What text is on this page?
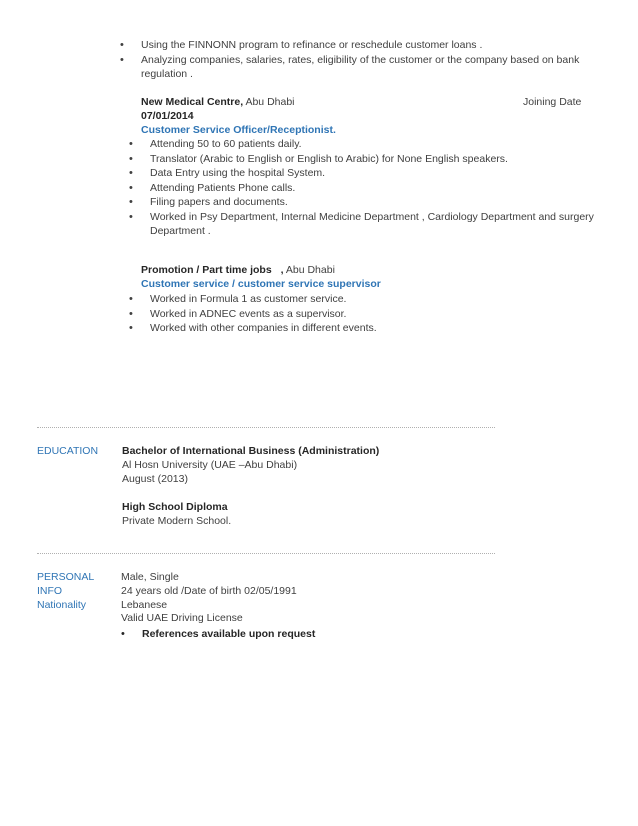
• Using the FINNONN program to refinance or reschedule customer loans .
• Analyzing companies, salaries, rates, eligibility of the customer or the company based on bank
regulation .
New Medical Centre, Abu Dhabi	Joining Date
07/01/2014
Customer Service Officer/Receptionist.
• Attending 50 to 60 patients daily.
• Translator (Arabic to English or English to Arabic) for None English speakers.
• Data Entry using the hospital System.
• Attending Patients Phone calls.
• Filing papers and documents.
• Worked in Psy Department, Internal Medicine Department , Cardiology Department and surgery
Department .
Promotion / Part time jobs , Abu Dhabi
Customer service / customer service supervisor
• Worked in Formula 1 as customer service.
• Worked in ADNEC events as a supervisor.
• Worked with other companies in different events.
EDUCATION Bachelor of International Business (Administration)
Al Hosn University (UAE –Abu Dhabi)
August (2013)
High School Diploma
Private Modern School.
PERSONAL
INFO
Nationality
Male, Single
24 years old /Date of birth 02/05/1991
Lebanese
Valid UAE Driving License
• References available upon request
